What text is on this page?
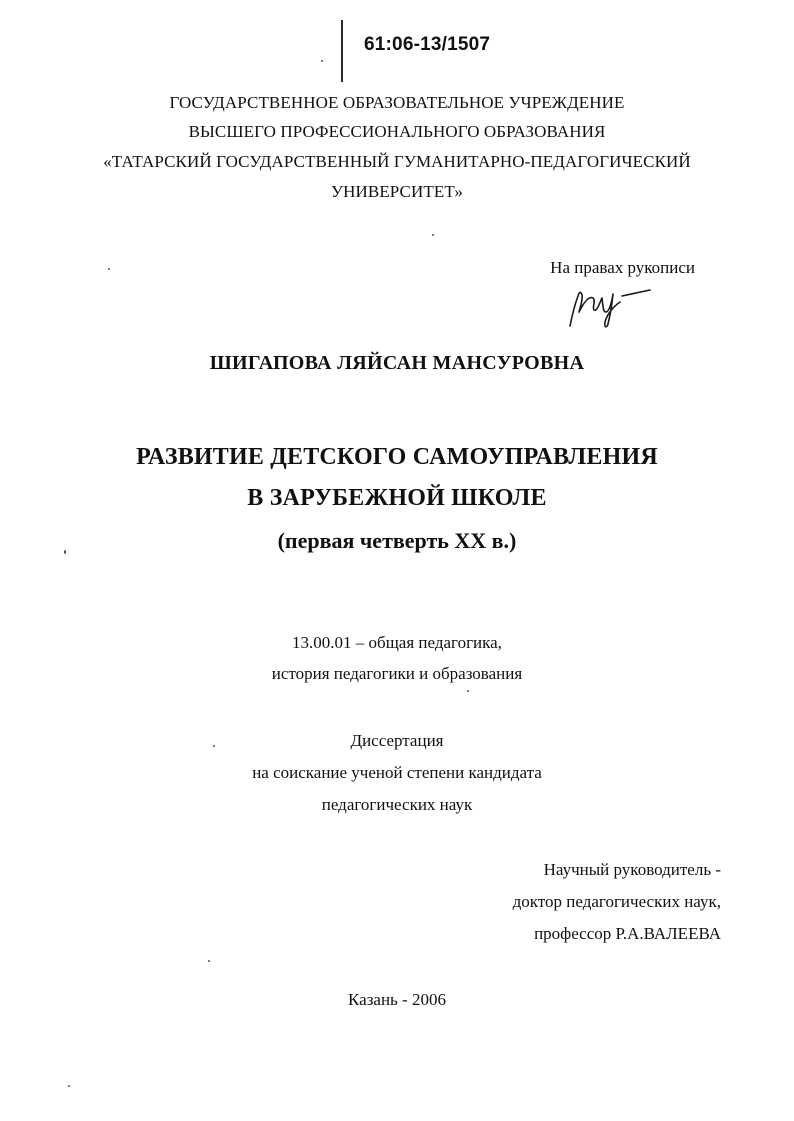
61:06-13/1507
ГОСУДАРСТВЕННОЕ ОБРАЗОВАТЕЛЬНОЕ УЧРЕЖДЕНИЕ
ВЫСШЕГО ПРОФЕССИОНАЛЬНОГО ОБРАЗОВАНИЯ
«ТАТАРСКИЙ ГОСУДАРСТВЕННЫЙ ГУМАНИТАРНО-ПЕДАГОГИЧЕСКИЙ
УНИВЕРСИТЕТ»
На правах рукописи
ШИГАПОВА ЛЯЙСАН МАНСУРОВНА
РАЗВИТИЕ ДЕТСКОГО САМОУПРАВЛЕНИЯ
В ЗАРУБЕЖНОЙ ШКОЛЕ
(первая четверть XX в.)
13.00.01 – общая педагогика,
история педагогики и образования
Диссертация
на соискание ученой степени кандидата
педагогических наук
Научный руководитель -
доктор педагогических наук,
профессор Р.А.ВАЛЕЕВА
Казань - 2006
